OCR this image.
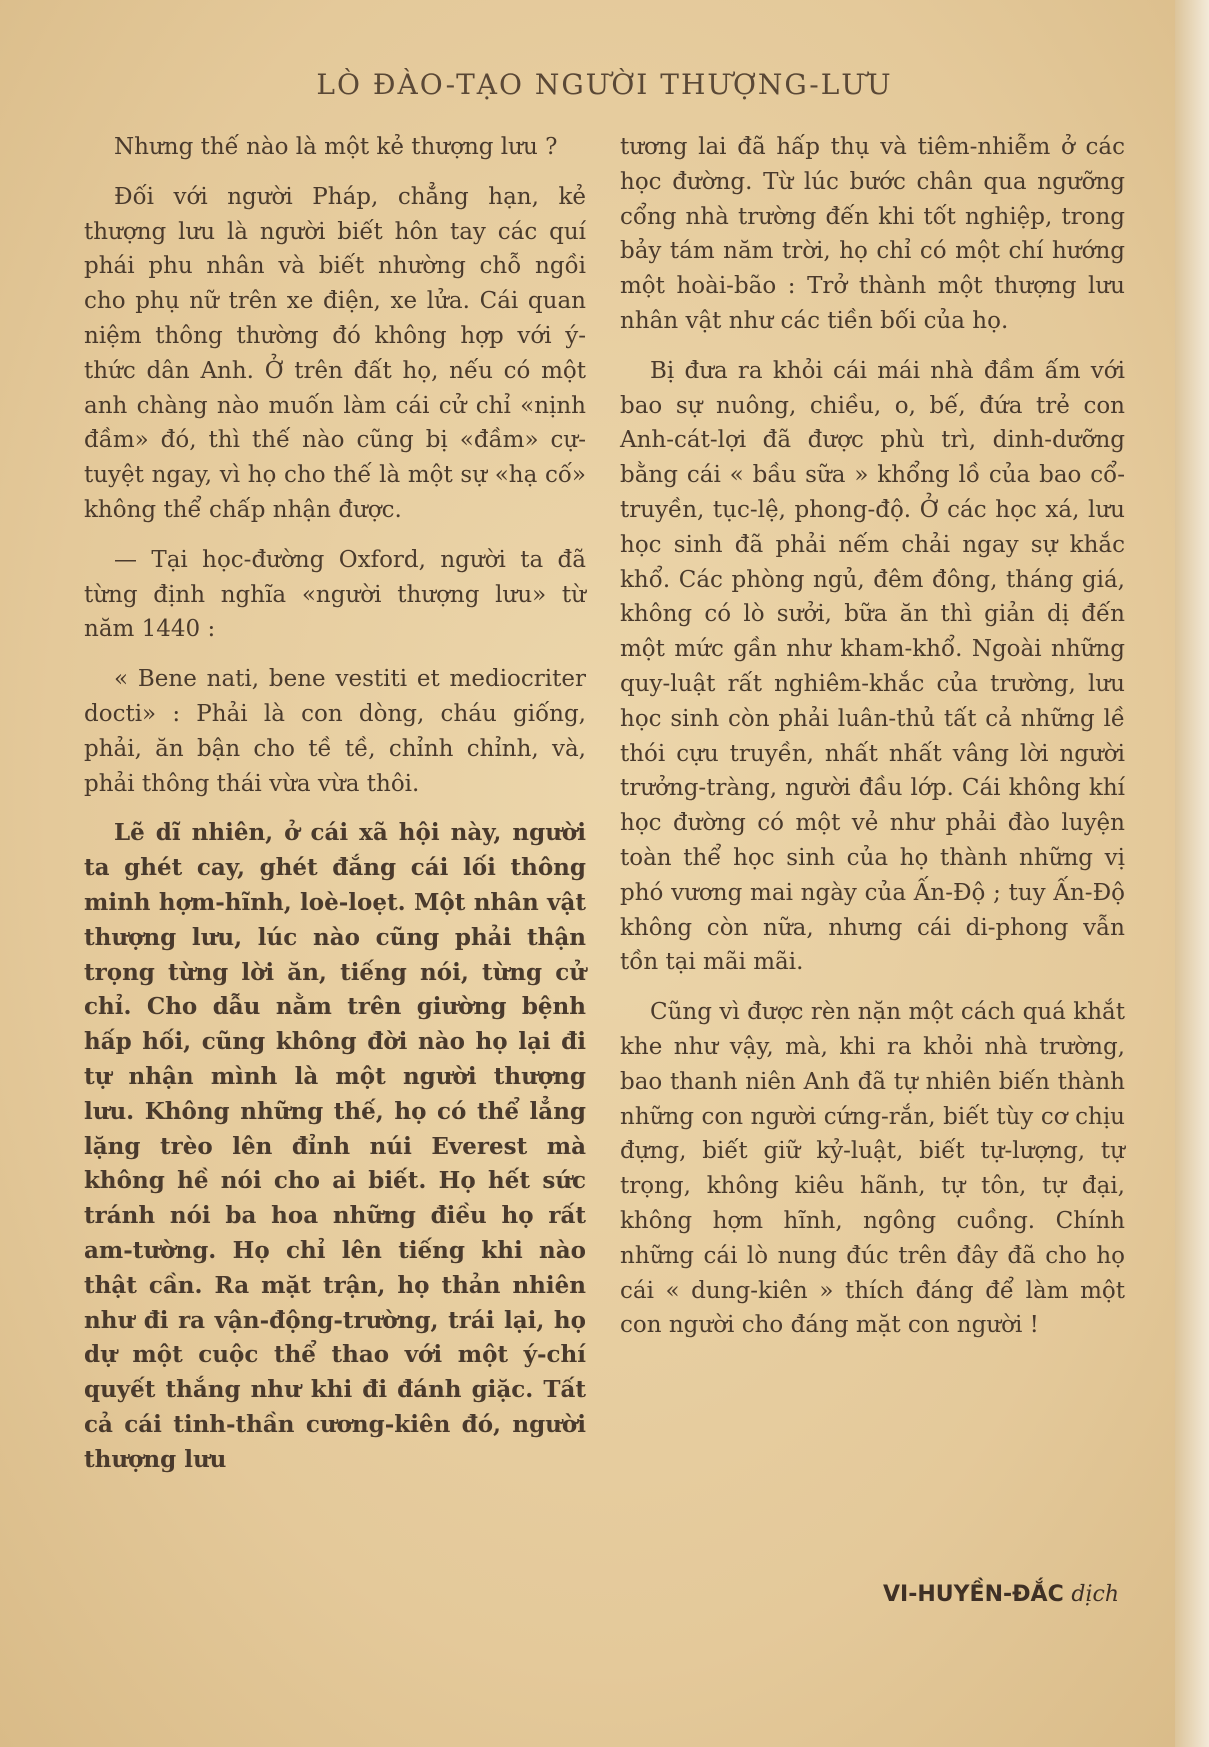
LÒ ĐÀO-TẠO NGƯỜI THƯỢNG-LƯU

Nhưng thế nào là một kẻ thượng lưu ?

Đối với người Pháp, chẳng hạn, kẻ thượng lưu là người biết hôn tay các quí phái phu nhân và biết nhường chỗ ngồi cho phụ nữ trên xe điện, xe lửa. Cái quan niệm thông thường đó không hợp với ý-thức dân Anh. Ở trên đất họ, nếu có một anh chàng nào muốn làm cái cử chỉ «nịnh đầm» đó, thì thế nào cũng bị «đầm» cự-tuyệt ngay, vì họ cho thế là một sự «hạ cố» không thể chấp nhận được.

— Tại học-đường Oxford, người ta đã từng định nghĩa «người thượng lưu» từ năm 1440 :

« Bene nati, bene vestiti et mediocriter docti» : Phải là con dòng, cháu giống, phải, ăn bận cho tề tề, chỉnh chỉnh, và, phải thông thái vừa vừa thôi.

Lẽ dĩ nhiên, ở cái xã hội này, người ta ghét cay, ghét đắng cái lối thông minh hợm-hĩnh, loè-loẹt. Một nhân vật thượng lưu, lúc nào cũng phải thận trọng từng lời ăn, tiếng nói, từng cử chỉ. Cho dẫu nằm trên giường bệnh hấp hối, cũng không đời nào họ lại đi tự nhận mình là một người thượng lưu. Không những thế, họ có thể lẳng lặng trèo lên đỉnh núi Everest mà không hề nói cho ai biết. Họ hết sức tránh nói ba hoa những điều họ rất am-tường. Họ chỉ lên tiếng khi nào thật cần. Ra mặt trận, họ thản nhiên như đi ra vận-động-trường, trái lại, họ dự một cuộc thể thao với một ý-chí quyết thắng như khi đi đánh giặc. Tất cả cái tinh-thần cương-kiên đó, người thượng lưu

tương lai đã hấp thụ và tiêm-nhiễm ở các học đường. Từ lúc bước chân qua ngưỡng cổng nhà trường đến khi tốt nghiệp, trong bảy tám năm trời, họ chỉ có một chí hướng một hoài-bão : Trở thành một thượng lưu nhân vật như các tiền bối của họ.

Bị đưa ra khỏi cái mái nhà đầm ấm với bao sự nuông, chiều, o, bế, đứa trẻ con Anh-cát-lợi đã được phù trì, dinh-dưỡng bằng cái « bầu sữa » khổng lồ của bao cổ-truyền, tục-lệ, phong-độ. Ở các học xá, lưu học sinh đã phải nếm chải ngay sự khắc khổ. Các phòng ngủ, đêm đông, tháng giá, không có lò sưởi, bữa ăn thì giản dị đến một mức gần như kham-khổ. Ngoài những quy-luật rất nghiêm-khắc của trường, lưu học sinh còn phải luân-thủ tất cả những lề thói cựu truyền, nhất nhất vâng lời người trưởng-tràng, người đầu lớp. Cái không khí học đường có một vẻ như phải đào luyện toàn thể học sinh của họ thành những vị phó vương mai ngày của Ấn-Độ ; tuy Ấn-Độ không còn nữa, nhưng cái di-phong vẫn tồn tại mãi mãi.

Cũng vì được rèn nặn một cách quá khắt khe như vậy, mà, khi ra khỏi nhà trường, bao thanh niên Anh đã tự nhiên biến thành những con người cứng-rắn, biết tùy cơ chịu đựng, biết giữ kỷ-luật, biết tự-lượng, tự trọng, không kiêu hãnh, tự tôn, tự đại, không hợm hĩnh, ngông cuồng. Chính những cái lò nung đúc trên đây đã cho họ cái « dung-kiên » thích đáng để làm một con người cho đáng mặt con người !

VI-HUYỀN-ĐẮC dịch
